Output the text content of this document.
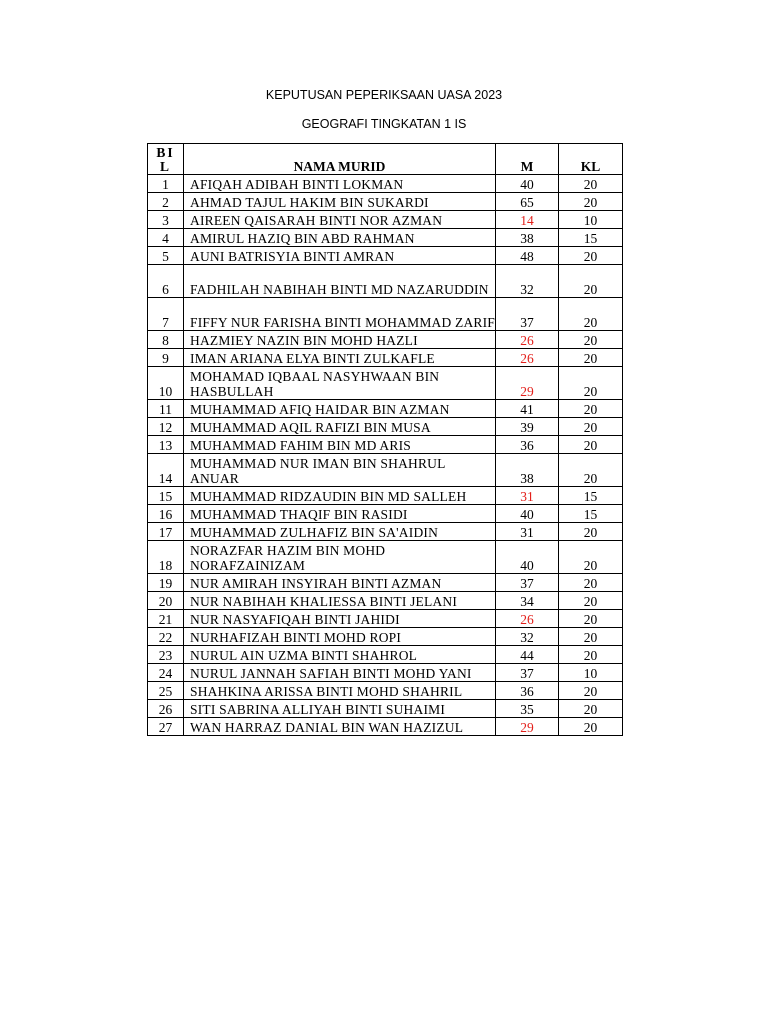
KEPUTUSAN PEPERIKSAAN UASA 2023
GEOGRAFI TINGKATAN 1 IS
BIL	NAMA MURID	M	KL
1	AFIQAH ADIBAH BINTI LOKMAN	40	20
2	AHMAD TAJUL HAKIM BIN SUKARDI	65	20
3	AIREEN QAISARAH BINTI NOR AZMAN	14	10
4	AMIRUL HAZIQ BIN ABD RAHMAN	38	15
5	AUNI BATRISYIA BINTI AMRAN	48	20
6	FADHILAH NABIHAH BINTI MD NAZARUDDIN	32	20
7	FIFFY NUR FARISHA BINTI MOHAMMAD ZARIF	37	20
8	HAZMIEY NAZIN BIN MOHD HAZLI	26	20
9	IMAN ARIANA ELYA BINTI ZULKAFLE	26	20
10	MOHAMAD IQBAAL NASYHWAAN BIN HASBULLAH	29	20
11	MUHAMMAD AFIQ HAIDAR BIN AZMAN	41	20
12	MUHAMMAD AQIL RAFIZI BIN MUSA	39	20
13	MUHAMMAD FAHIM BIN MD ARIS	36	20
14	MUHAMMAD NUR IMAN BIN SHAHRUL ANUAR	38	20
15	MUHAMMAD RIDZAUDIN BIN MD SALLEH	31	15
16	MUHAMMAD THAQIF BIN RASIDI	40	15
17	MUHAMMAD ZULHAFIZ BIN SA'AIDIN	31	20
18	NORAZFAR HAZIM BIN MOHD NORAFZAINIZAM	40	20
19	NUR AMIRAH INSYIRAH BINTI AZMAN	37	20
20	NUR NABIHAH KHALIESSA BINTI JELANI	34	20
21	NUR NASYAFIQAH BINTI JAHIDI	26	20
22	NURHAFIZAH BINTI MOHD ROPI	32	20
23	NURUL AIN UZMA BINTI SHAHROL	44	20
24	NURUL JANNAH SAFIAH BINTI MOHD YANI	37	10
25	SHAHKINA ARISSA BINTI MOHD SHAHRIL	36	20
26	SITI SABRINA ALLIYAH BINTI SUHAIMI	35	20
27	WAN HARRAZ DANIAL BIN WAN HAZIZUL	29	20
